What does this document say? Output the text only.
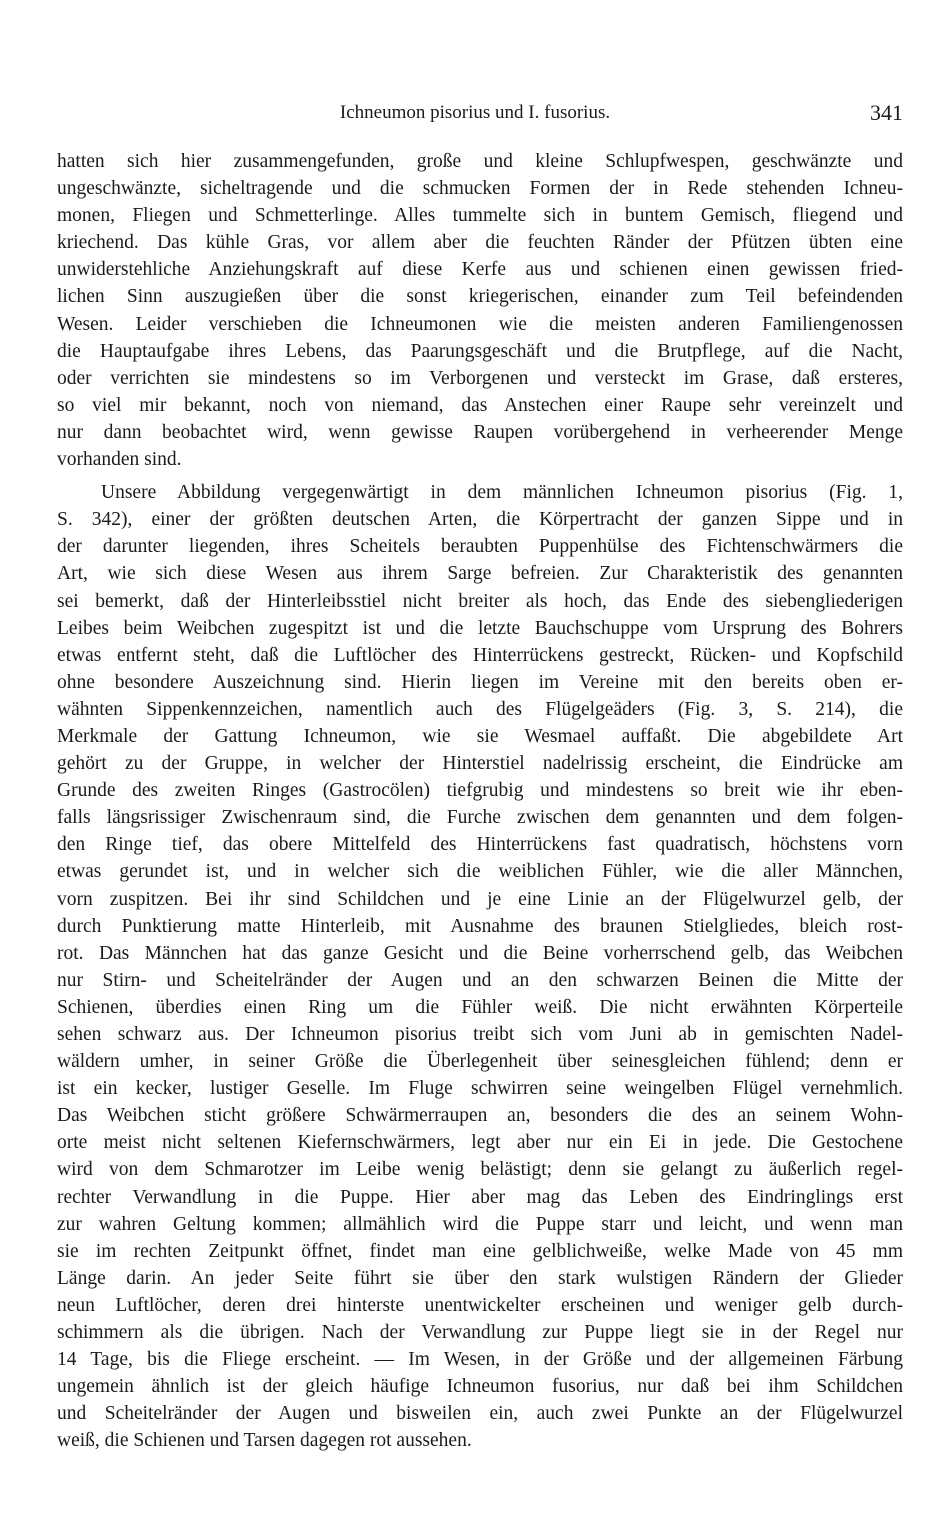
Ichneumon pisorius und I. fusorius.	341
hatten sich hier zusammengefunden, große und kleine Schlupfwespen, geschwänzte und
ungeschwänzte, sicheltragende und die schmucken Formen der in Rede stehenden Ichneu-
monen, Fliegen und Schmetterlinge. Alles tummelte sich in buntem Gemisch, fliegend und
kriechend. Das kühle Gras, vor allem aber die feuchten Ränder der Pfützen übten eine
unwiderstehliche Anziehungskraft auf diese Kerfe aus und schienen einen gewissen fried-
lichen Sinn auszugießen über die sonst kriegerischen, einander zum Teil befeindenden
Wesen. Leider verschieben die Ichneumonen wie die meisten anderen Familiengenossen
die Hauptaufgabe ihres Lebens, das Paarungsgeschäft und die Brutpflege, auf die Nacht,
oder verrichten sie mindestens so im Verborgenen und versteckt im Grase, daß ersteres,
so viel mir bekannt, noch von niemand, das Anstechen einer Raupe sehr vereinzelt und
nur dann beobachtet wird, wenn gewisse Raupen vorübergehend in verheerender Menge
vorhanden sind.
Unsere Abbildung vergegenwärtigt in dem männlichen Ichneumon pisorius (Fig. 1,
S. 342), einer der größten deutschen Arten, die Körpertracht der ganzen Sippe und in
der darunter liegenden, ihres Scheitels beraubten Puppenhülse des Fichtenschwärmers die
Art, wie sich diese Wesen aus ihrem Sarge befreien. Zur Charakteristik des genannten
sei bemerkt, daß der Hinterleibsstiel nicht breiter als hoch, das Ende des siebengliederigen
Leibes beim Weibchen zugespitzt ist und die letzte Bauchschuppe vom Ursprung des Bohrers
etwas entfernt steht, daß die Luftlöcher des Hinterrückens gestreckt, Rücken- und Kopfschild
ohne besondere Auszeichnung sind. Hierin liegen im Vereine mit den bereits oben er-
wähnten Sippenkennzeichen, namentlich auch des Flügelgeäders (Fig. 3, S. 214), die
Merkmale der Gattung Ichneumon, wie sie Wesmael auffaßt. Die abgebildete Art
gehört zu der Gruppe, in welcher der Hinterstiel nadelrissig erscheint, die Eindrücke am
Grunde des zweiten Ringes (Gastrocölen) tiefgrubig und mindestens so breit wie ihr eben-
falls längsrissiger Zwischenraum sind, die Furche zwischen dem genannten und dem folgen-
den Ringe tief, das obere Mittelfeld des Hinterrückens fast quadratisch, höchstens vorn
etwas gerundet ist, und in welcher sich die weiblichen Fühler, wie die aller Männchen,
vorn zuspitzen. Bei ihr sind Schildchen und je eine Linie an der Flügelwurzel gelb, der
durch Punktierung matte Hinterleib, mit Ausnahme des braunen Stielgliedes, bleich rost-
rot. Das Männchen hat das ganze Gesicht und die Beine vorherrschend gelb, das Weibchen
nur Stirn- und Scheitelränder der Augen und an den schwarzen Beinen die Mitte der
Schienen, überdies einen Ring um die Fühler weiß. Die nicht erwähnten Körperteile
sehen schwarz aus. Der Ichneumon pisorius treibt sich vom Juni ab in gemischten Nadel-
wäldern umher, in seiner Größe die Überlegenheit über seinesgleichen fühlend; denn er
ist ein kecker, lustiger Geselle. Im Fluge schwirren seine weingelben Flügel vernehmlich.
Das Weibchen sticht größere Schwärmerraupen an, besonders die des an seinem Wohn-
orte meist nicht seltenen Kiefernschwärmers, legt aber nur ein Ei in jede. Die Gestochene
wird von dem Schmarotzer im Leibe wenig belästigt; denn sie gelangt zu äußerlich regel-
rechter Verwandlung in die Puppe. Hier aber mag das Leben des Eindringlings erst
zur wahren Geltung kommen; allmählich wird die Puppe starr und leicht, und wenn man
sie im rechten Zeitpunkt öffnet, findet man eine gelblichweiße, welke Made von 45 mm
Länge darin. An jeder Seite führt sie über den stark wulstigen Rändern der Glieder
neun Luftlöcher, deren drei hinterste unentwickelter erscheinen und weniger gelb durch-
schimmern als die übrigen. Nach der Verwandlung zur Puppe liegt sie in der Regel nur
14 Tage, bis die Fliege erscheint. — Im Wesen, in der Größe und der allgemeinen Färbung
ungemein ähnlich ist der gleich häufige Ichneumon fusorius, nur daß bei ihm Schildchen
und Scheitelränder der Augen und bisweilen ein, auch zwei Punkte an der Flügelwurzel
weiß, die Schienen und Tarsen dagegen rot aussehen.
